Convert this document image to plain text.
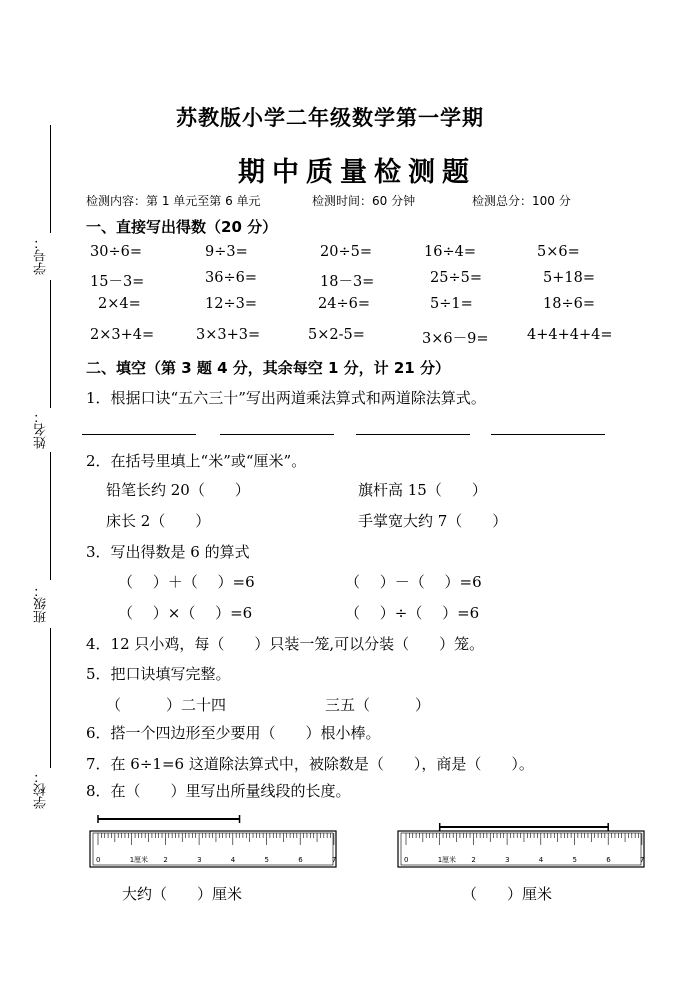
学号：
姓名：
班级：
学校：
苏教版小学二年级数学第一学期
期中质量检测题
检测内容：第 1 单元至第 6 单元	检测时间：60 分钟	检测总分：100 分
一、直接写出得数（20 分）
30÷6=	9÷3=	20÷5=	16÷4=	5×6=
15－3=	36÷6=	18－3=	25÷5=	5+18=
2×4=	12÷3=	24÷6=	5÷1=	18÷6=
2×3+4=	3×3+3=	5×2-5=	3×6－9=	4+4+4+4=
二、填空（第 3 题 4 分，其余每空 1 分，计 21 分）
1．根据口诀“五六三十”写出两道乘法算式和两道除法算式。
2．在括号里填上“米”或“厘米”。
铅笔长约 20（　　）	旗杆高 15（　　）
床长 2（　　）	手掌宽大约 7（　　）
3．写出得数是 6 的算式
（　 ）＋（　 ）=6	（　 ）－（　 ）=6
（　 ）×（　 ）=6	（　 ）÷（　 ）=6
4．12 只小鸡，每（　　）只装一笼,可以分装（　　）笼。
5．把口诀填写完整。
（　　　）二十四	三五（　　　）
6．搭一个四边形至少要用（　　）根小棒。
7．在 6÷1=6 这道除法算式中，被除数是（　　），商是（　　）。
8．在（　　）里写出所量线段的长度。
0	1	2	3	4	5	6	7
厘米	0	1	2	3	4	5	6	7
厘米
大约（　　）厘米	（　　）厘米
